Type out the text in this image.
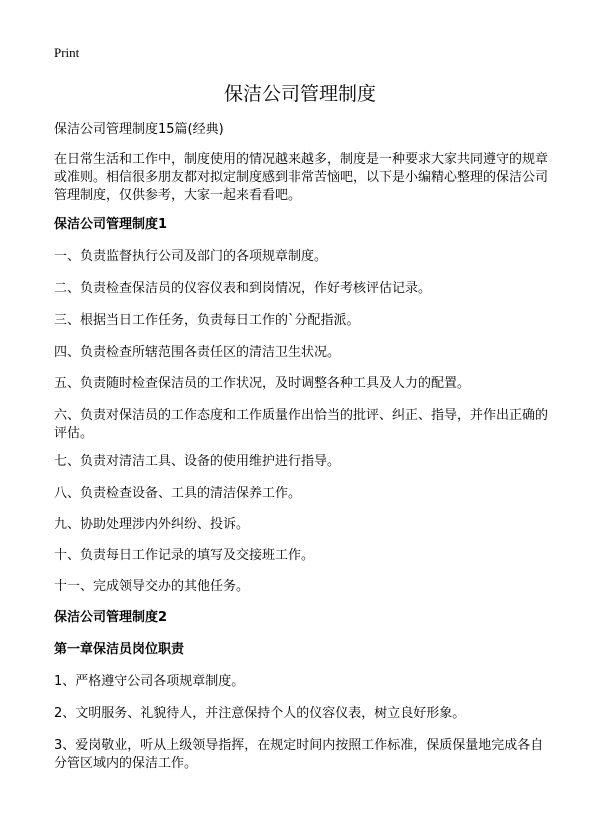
Print
保洁公司管理制度

保洁公司管理制度15篇(经典)

在日常生活和工作中，制度使用的情况越来越多，制度是一种要求大家共同遵守的规章或准则。相信很多朋友都对拟定制度感到非常苦恼吧，以下是小编精心整理的保洁公司管理制度，仅供参考，大家一起来看看吧。

保洁公司管理制度1

一、负责监督执行公司及部门的各项规章制度。

二、负责检查保洁员的仪容仪表和到岗情况，作好考核评估记录。

三、根据当日工作任务，负责每日工作的`分配指派。

四、负责检查所辖范围各责任区的清洁卫生状况。

五、负责随时检查保洁员的工作状况，及时调整各种工具及人力的配置。

六、负责对保洁员的工作态度和工作质量作出恰当的批评、纠正、指导，并作出正确的评估。

七、负责对清洁工具、设备的使用维护进行指导。

八、负责检查设备、工具的清洁保养工作。

九、协助处理涉内外纠纷、投诉。

十、负责每日工作记录的填写及交接班工作。

十一、完成领导交办的其他任务。

保洁公司管理制度2

第一章保洁员岗位职责

1、严格遵守公司各项规章制度。

2、文明服务、礼貌待人，并注意保持个人的仪容仪表，树立良好形象。

3、爱岗敬业，听从上级领导指挥，在规定时间内按照工作标准，保质保量地完成各自分管区域内的保洁工作。
